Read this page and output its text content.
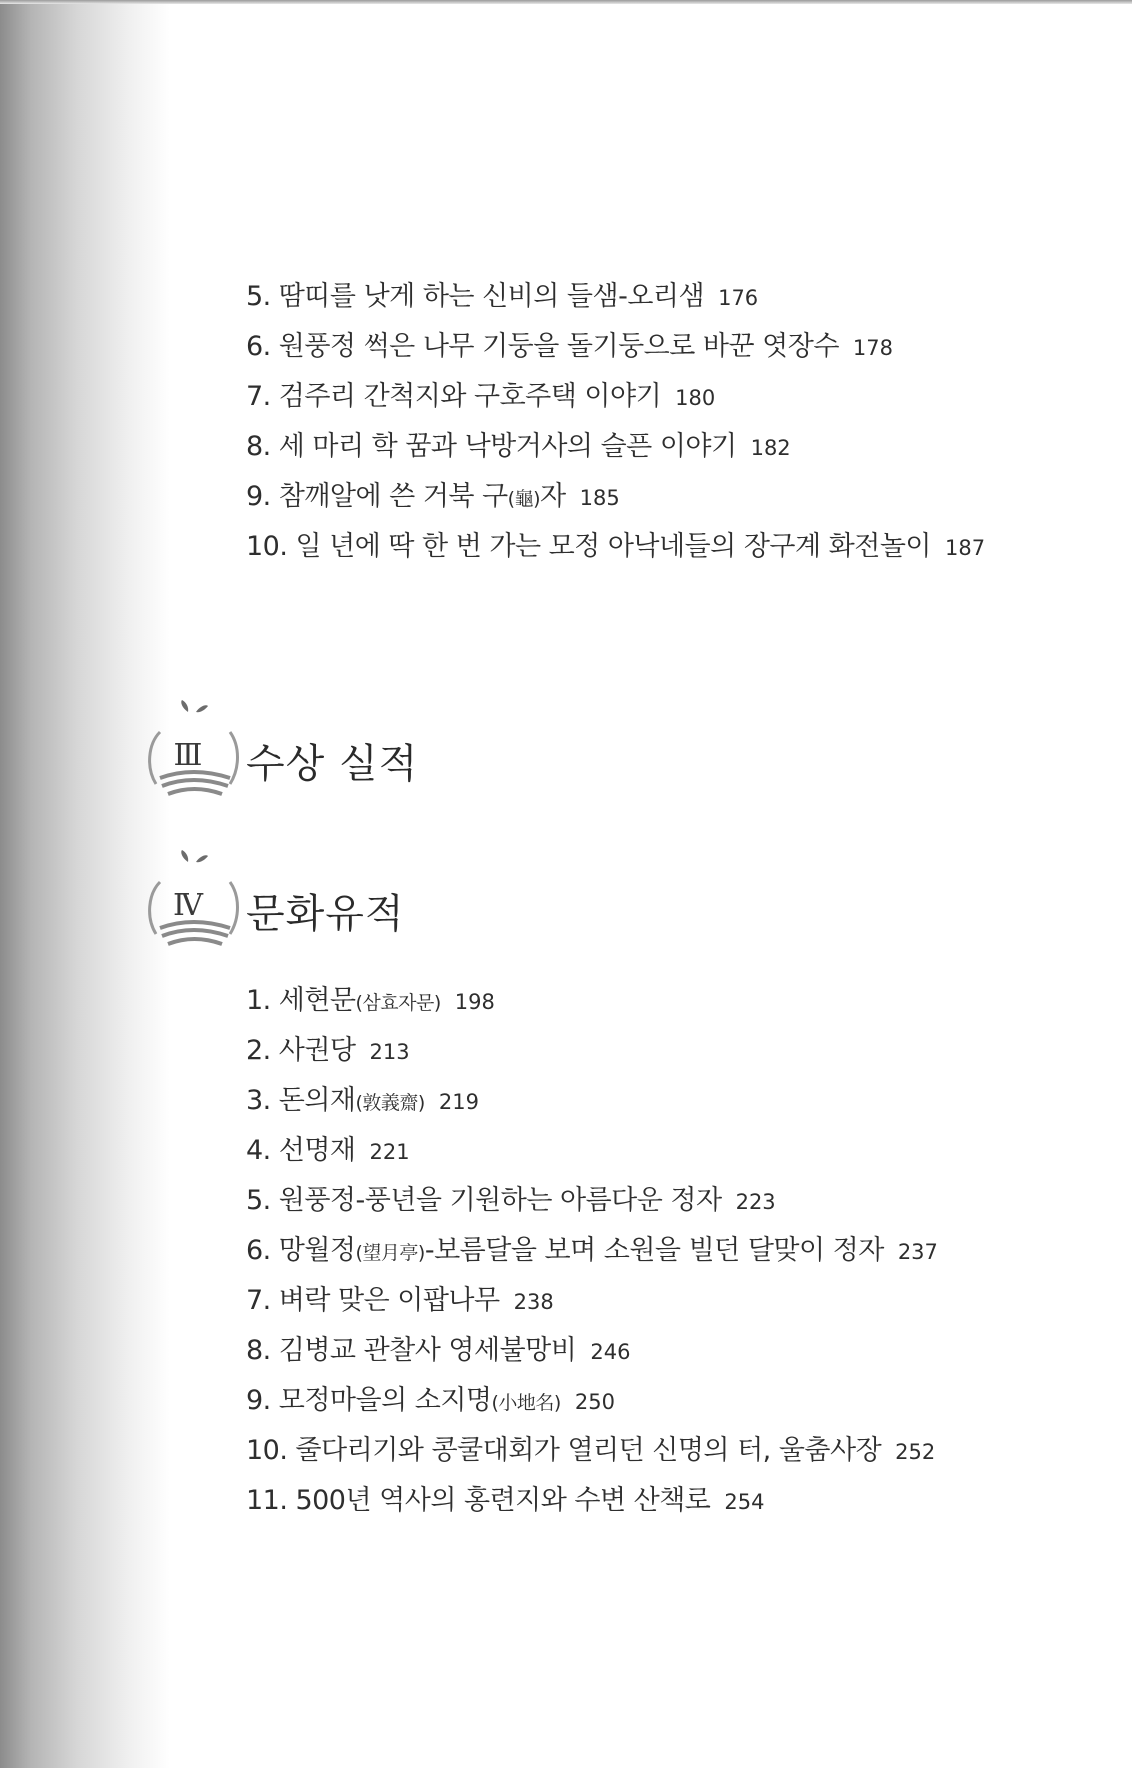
5. 땀띠를 낫게 하는 신비의 들샘-오리샘 176
6. 원풍정 썩은 나무 기둥을 돌기둥으로 바꾼 엿장수 178
7. 검주리 간척지와 구호주택 이야기 180
8. 세 마리 학 꿈과 낙방거사의 슬픈 이야기 182
9. 참깨알에 쓴 거북 구(龜)자 185
10. 일 년에 딱 한 번 가는 모정 아낙네들의 장구계 화전놀이 187
Ⅲ	수상 실적
Ⅳ	문화유적
1. 세현문(삼효자문) 198
2. 사권당 213
3. 돈의재(敦義齋) 219
4. 선명재 221
5. 원풍정-풍년을 기원하는 아름다운 정자 223
6. 망월정(望月亭)-보름달을 보며 소원을 빌던 달맞이 정자 237
7. 벼락 맞은 이팝나무 238
8. 김병교 관찰사 영세불망비 246
9. 모정마을의 소지명(小地名) 250
10. 줄다리기와 콩쿨대회가 열리던 신명의 터, 울춤사장 252
11. 500년 역사의 홍련지와 수변 산책로 254
